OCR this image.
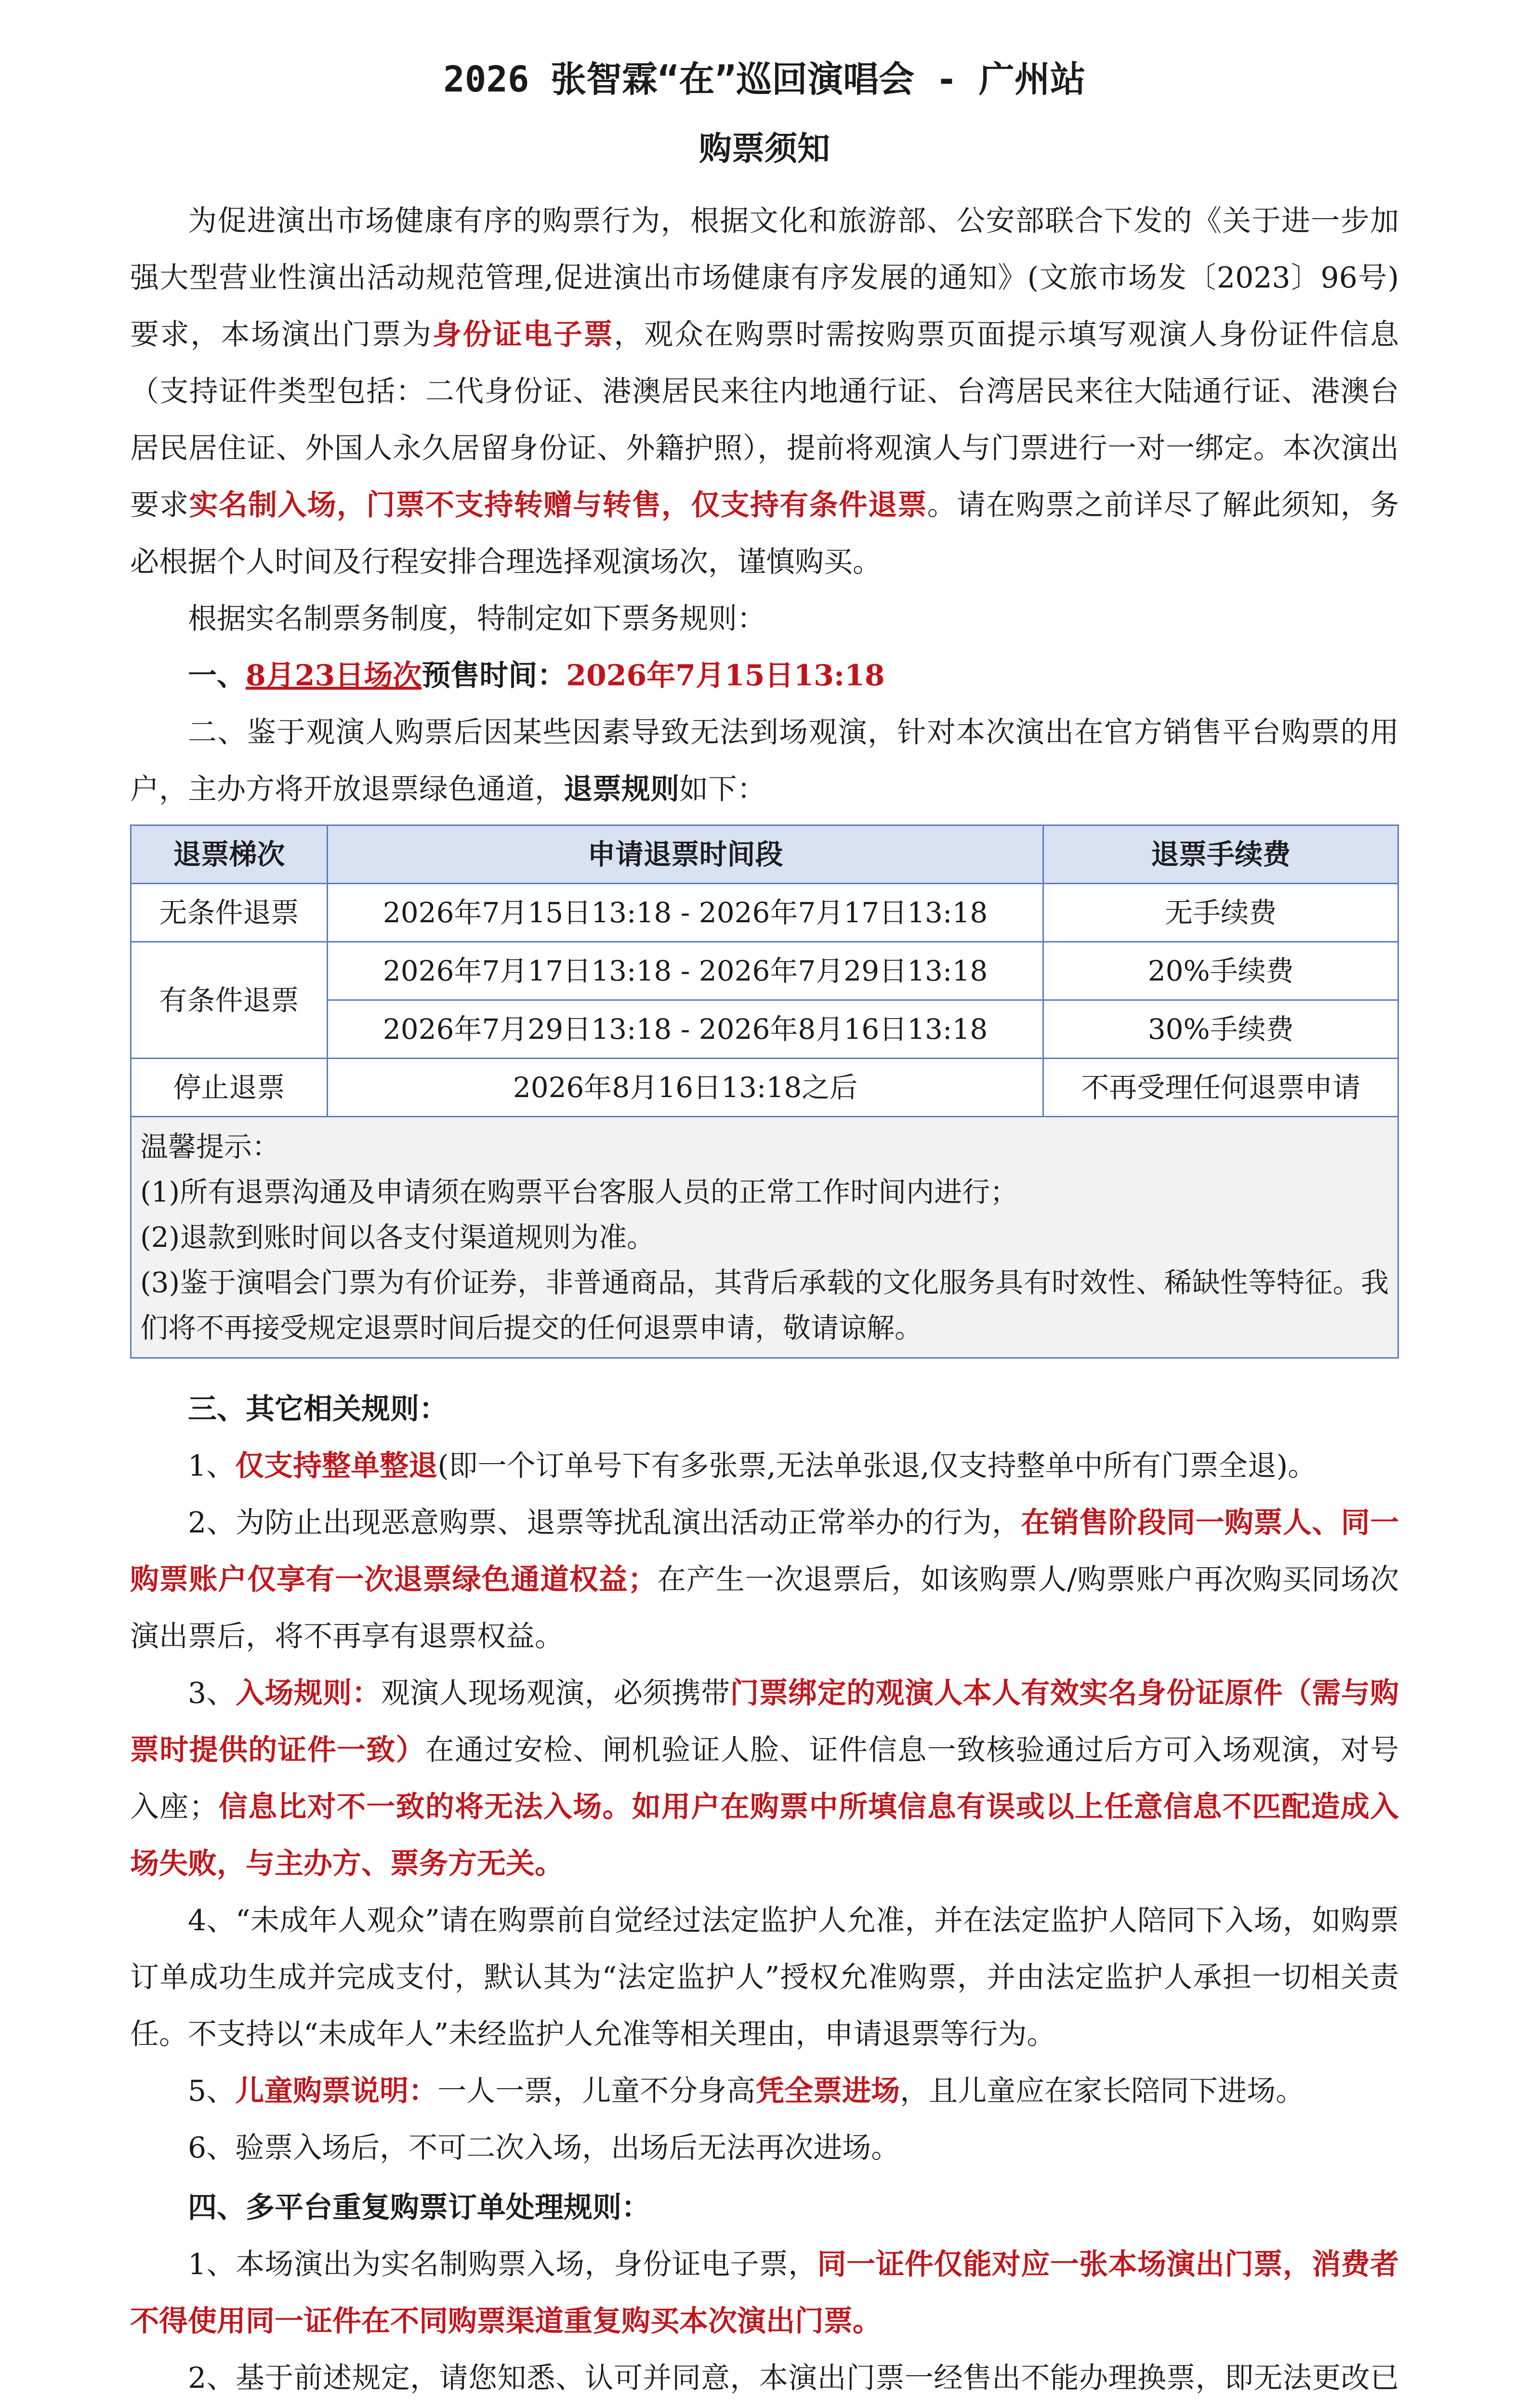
2026 张智霖“在”巡回演唱会 - 广州站
购票须知

为促进演出市场健康有序的购票行为，根据文化和旅游部、公安部联合下发的《关于进一步加强大型营业性演出活动规范管理,促进演出市场健康有序发展的通知》(文旅市场发〔2023〕96号)要求，本场演出门票为身份证电子票，观众在购票时需按购票页面提示填写观演人身份证件信息（支持证件类型包括：二代身份证、港澳居民来往内地通行证、台湾居民来往大陆通行证、港澳台居民居住证、外国人永久居留身份证、外籍护照），提前将观演人与门票进行一对一绑定。本次演出要求实名制入场，门票不支持转赠与转售，仅支持有条件退票。请在购票之前详尽了解此须知，务必根据个人时间及行程安排合理选择观演场次，谨慎购买。

根据实名制票务制度，特制定如下票务规则：

一、8月23日场次预售时间：2026年7月15日13:18

二、鉴于观演人购票后因某些因素导致无法到场观演，针对本次演出在官方销售平台购票的用户，主办方将开放退票绿色通道，退票规则如下：

退票梯次	申请退票时间段	退票手续费
无条件退票	2026年7月15日13:18 - 2026年7月17日13:18	无手续费
有条件退票	2026年7月17日13:18 - 2026年7月29日13:18	20%手续费
	2026年7月29日13:18 - 2026年8月16日13:18	30%手续费
停止退票	2026年8月16日13:18之后	不再受理任何退票申请

温馨提示：

(1)所有退票沟通及申请须在购票平台客服人员的正常工作时间内进行；

(2)退款到账时间以各支付渠道规则为准。

(3)鉴于演唱会门票为有价证券，非普通商品，其背后承载的文化服务具有时效性、稀缺性等特征。我们将不再接受规定退票时间后提交的任何退票申请，敬请谅解。		

三、其它相关规则：

1、仅支持整单整退(即一个订单号下有多张票,无法单张退,仅支持整单中所有门票全退)。

2、为防止出现恶意购票、退票等扰乱演出活动正常举办的行为，在销售阶段同一购票人、同一购票账户仅享有一次退票绿色通道权益；在产生一次退票后，如该购票人/购票账户再次购买同场次演出票后，将不再享有退票权益。

3、入场规则：观演人现场观演，必须携带门票绑定的观演人本人有效实名身份证原件（需与购票时提供的证件一致）在通过安检、闸机验证人脸、证件信息一致核验通过后方可入场观演，对号入座；信息比对不一致的将无法入场。如用户在购票中所填信息有误或以上任意信息不匹配造成入场失败，与主办方、票务方无关。

4、“未成年人观众”请在购票前自觉经过法定监护人允准，并在法定监护人陪同下入场，如购票订单成功生成并完成支付，默认其为“法定监护人”授权允准购票，并由法定监护人承担一切相关责任。不支持以“未成年人”未经监护人允准等相关理由，申请退票等行为。

5、儿童购票说明：一人一票，儿童不分身高凭全票进场，且儿童应在家长陪同下进场。

6、验票入场后，不可二次入场，出场后无法再次进场。

四、多平台重复购票订单处理规则：

1、本场演出为实名制购票入场，身份证电子票，同一证件仅能对应一张本场演出门票，消费者不得使用同一证件在不同购票渠道重复购买本次演出门票。

2、基于前述规定，请您知悉、认可并同意，本演出门票一经售出不能办理换票，即无法更改已
